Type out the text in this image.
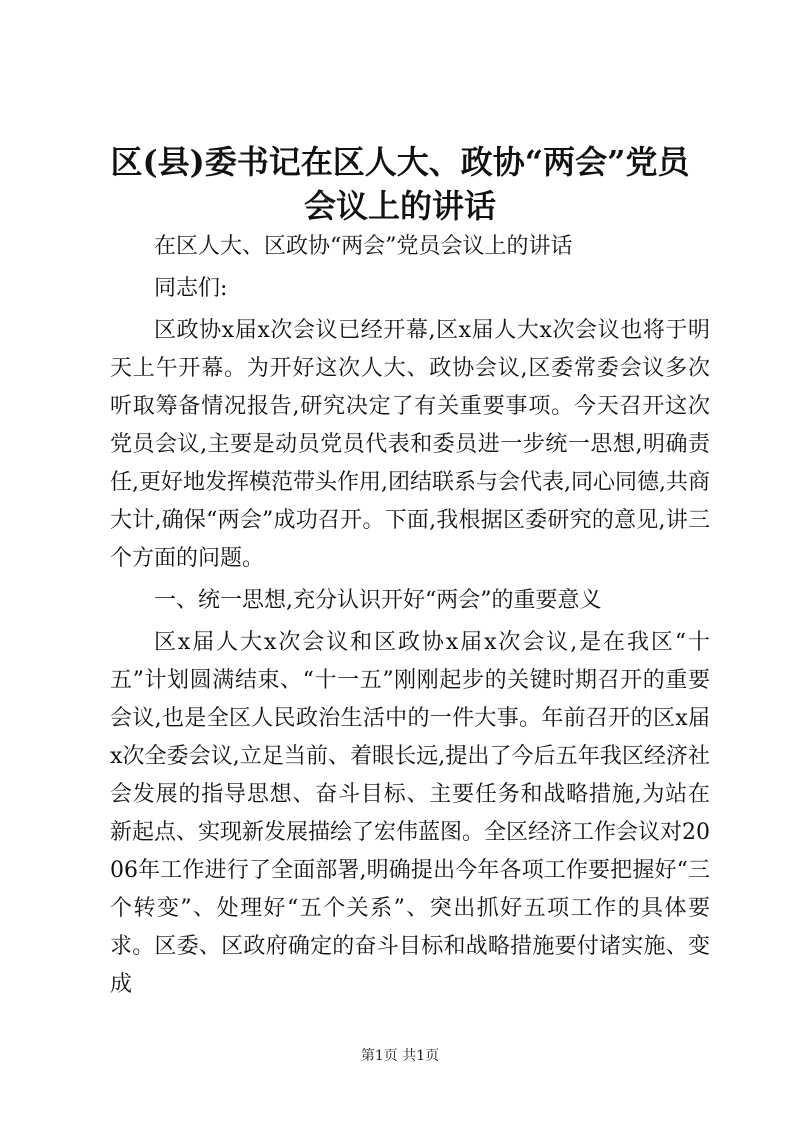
区(县)委书记在区人大、政协“两会”党员会议上的讲话

在区人大、区政协“两会”党员会议上的讲话

同志们:

区政协x届x次会议已经开幕,区x届人大x次会议也将于明天上午开幕。为开好这次人大、政协会议,区委常委会议多次听取筹备情况报告,研究决定了有关重要事项。今天召开这次党员会议,主要是动员党员代表和委员进一步统一思想,明确责任,更好地发挥模范带头作用,团结联系与会代表,同心同德,共商大计,确保“两会”成功召开。下面,我根据区委研究的意见,讲三个方面的问题。

一、统一思想,充分认识开好“两会”的重要意义

区x届人大x次会议和区政协x届x次会议,是在我区“十五”计划圆满结束、“十一五”刚刚起步的关键时期召开的重要会议,也是全区人民政治生活中的一件大事。年前召开的区x届x次全委会议,立足当前、着眼长远,提出了今后五年我区经济社会发展的指导思想、奋斗目标、主要任务和战略措施,为站在新起点、实现新发展描绘了宏伟蓝图。全区经济工作会议对2006年工作进行了全面部署,明确提出今年各项工作要把握好“三个转变”、处理好“五个关系”、突出抓好五项工作的具体要求。区委、区政府确定的奋斗目标和战略措施要付诸实施、变成

第1页 共1页
